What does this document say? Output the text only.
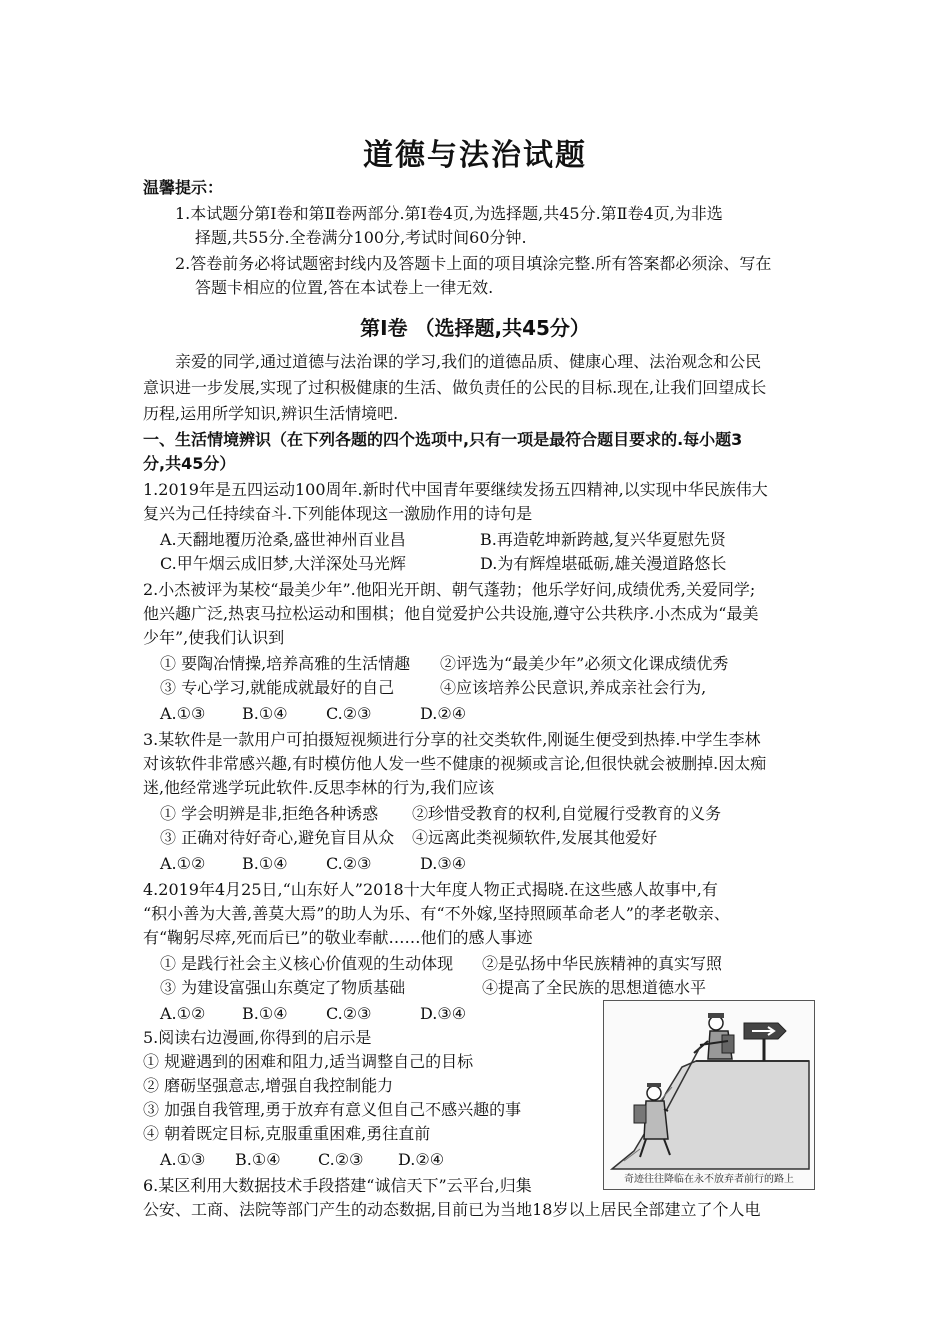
道德与法治试题
温馨提示：
1.本试题分第Ⅰ卷和第Ⅱ卷两部分.第Ⅰ卷4页,为选择题,共45分.第Ⅱ卷4页,为非选
择题,共55分.全卷满分100分,考试时间60分钟.
2.答卷前务必将试题密封线内及答题卡上面的项目填涂完整.所有答案都必须涂、写在
答题卡相应的位置,答在本试卷上一律无效.
第Ⅰ卷 （选择题,共45分）
亲爱的同学,通过道德与法治课的学习,我们的道德品质、健康心理、法治观念和公民
意识进一步发展,实现了过积极健康的生活、做负责任的公民的目标.现在,让我们回望成长
历程,运用所学知识,辨识生活情境吧.
一、生活情境辨识（在下列各题的四个选项中,只有一项是最符合题目要求的.每小题3
分,共45分）
1.2019年是五四运动100周年.新时代中国青年要继续发扬五四精神,以实现中华民族伟大
复兴为己任持续奋斗.下列能体现这一激励作用的诗句是
A.天翻地覆历沧桑,盛世神州百业昌	B.再造乾坤新跨越,复兴华夏慰先贤
C.甲午烟云成旧梦,大洋深处马光辉	D.为有辉煌堪砥砺,雄关漫道路悠长
2.小杰被评为某校“最美少年”.他阳光开朗、朝气蓬勃；他乐学好问,成绩优秀,关爱同学;
他兴趣广泛,热衷马拉松运动和围棋；他自觉爱护公共设施,遵守公共秩序.小杰成为“最美
少年”,使我们认识到
① 要陶冶情操,培养高雅的生活情趣 ②评选为“最美少年”必须文化课成绩优秀
③ 专心学习,就能成就最好的自己	④应该培养公民意识,养成亲社会行为,
A.①③ B.①④ C.②③	D.②④
3.某软件是一款用户可拍摄短视频进行分享的社交类软件,刚诞生便受到热捧.中学生李林
对该软件非常感兴趣,有时模仿他人发一些不健康的视频或言论,但很快就会被删掉.因太痴
迷,他经常逃学玩此软件.反思李林的行为,我们应该
① 学会明辨是非,拒绝各种诱惑 ②珍惜受教育的权利,自觉履行受教育的义务
③ 正确对待好奇心,避免盲目从众 ④远离此类视频软件,发展其他爱好
A.①② B.①④ C.②③	D.③④
4.2019年4月25日,“山东好人”2018十大年度人物正式揭晓.在这些感人故事中,有
“积小善为大善,善莫大焉”的助人为乐、有“不外嫁,坚持照顾革命老人”的孝老敬亲、
有“鞠躬尽瘁,死而后已”的敬业奉献……他们的感人事迹
① 是践行社会主义核心价值观的生动体现 ②是弘扬中华民族精神的真实写照
③ 为建设富强山东奠定了物质基础	④提高了全民族的思想道德水平
A.①② B.①④ C.②③	D.③④
5.阅读右边漫画,你得到的启示是
① 规避遇到的困难和阻力,适当调整自己的目标
② 磨砺坚强意志,增强自我控制能力
③ 加强自我管理,勇于放弃有意义但自己不感兴趣的事
④ 朝着既定目标,克服重重困难,勇往直前
A.①③ B.①④ C.②③ D.②④
奇迹往往降临在永不放弃者前行的路上
6.某区利用大数据技术手段搭建“诚信天下”云平台,归集
公安、工商、法院等部门产生的动态数据,目前已为当地18岁以上居民全部建立了个人电
